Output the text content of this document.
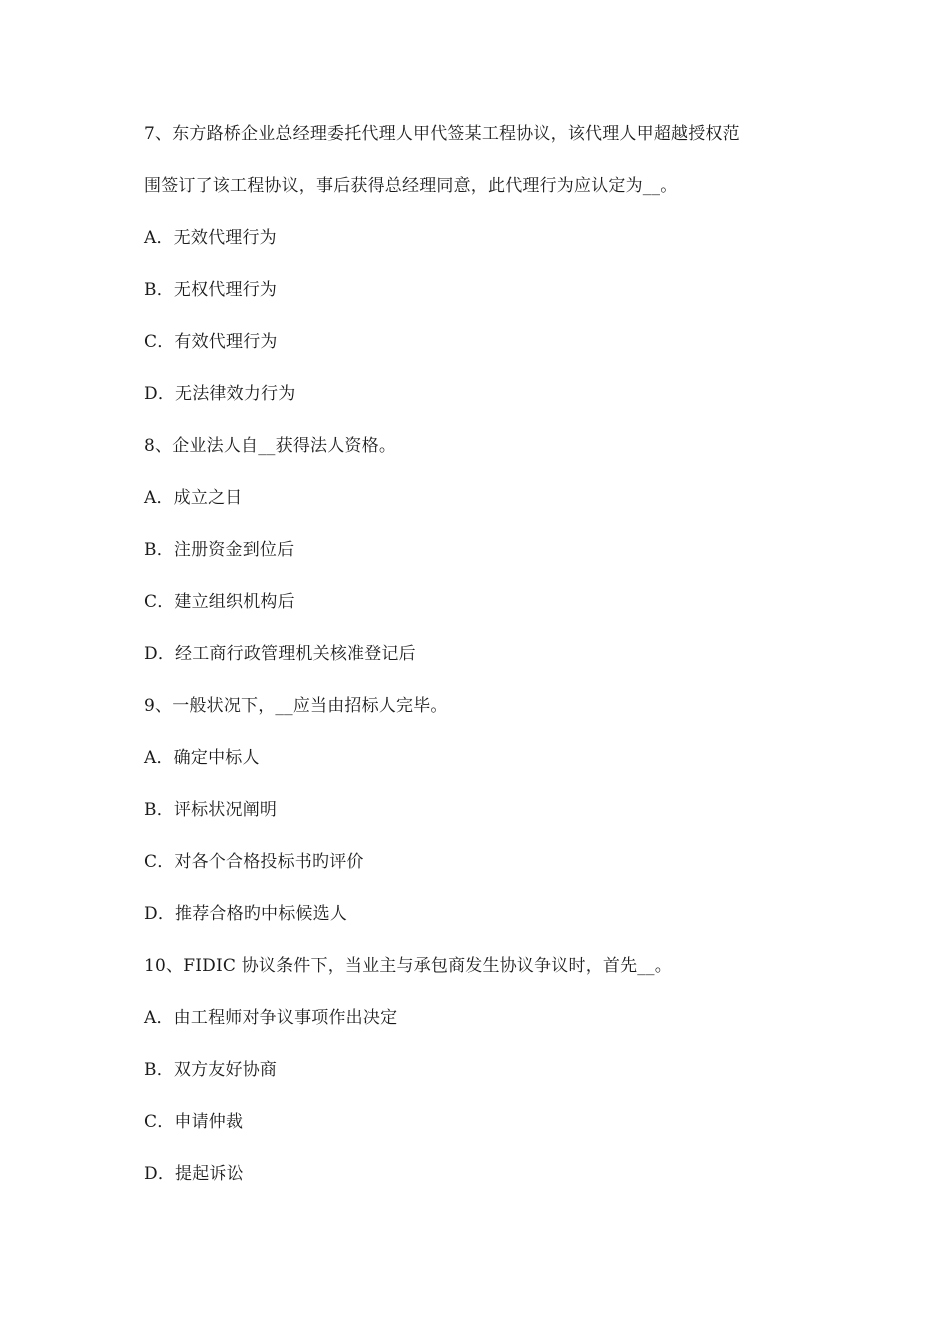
7、东方路桥企业总经理委托代理人甲代签某工程协议，该代理人甲超越授权范
围签订了该工程协议，事后获得总经理同意，此代理行为应认定为__。
A．无效代理行为
B．无权代理行为
C．有效代理行为
D．无法律效力行为
8、企业法人自__获得法人资格。
A．成立之日
B．注册资金到位后
C．建立组织机构后
D．经工商行政管理机关核准登记后
9、一般状况下，__应当由招标人完毕。
A．确定中标人
B．评标状况阐明
C．对各个合格投标书旳评价
D．推荐合格旳中标候选人
10、FIDIC 协议条件下，当业主与承包商发生协议争议时，首先__。
A．由工程师对争议事项作出决定
B．双方友好协商
C．申请仲裁
D．提起诉讼
